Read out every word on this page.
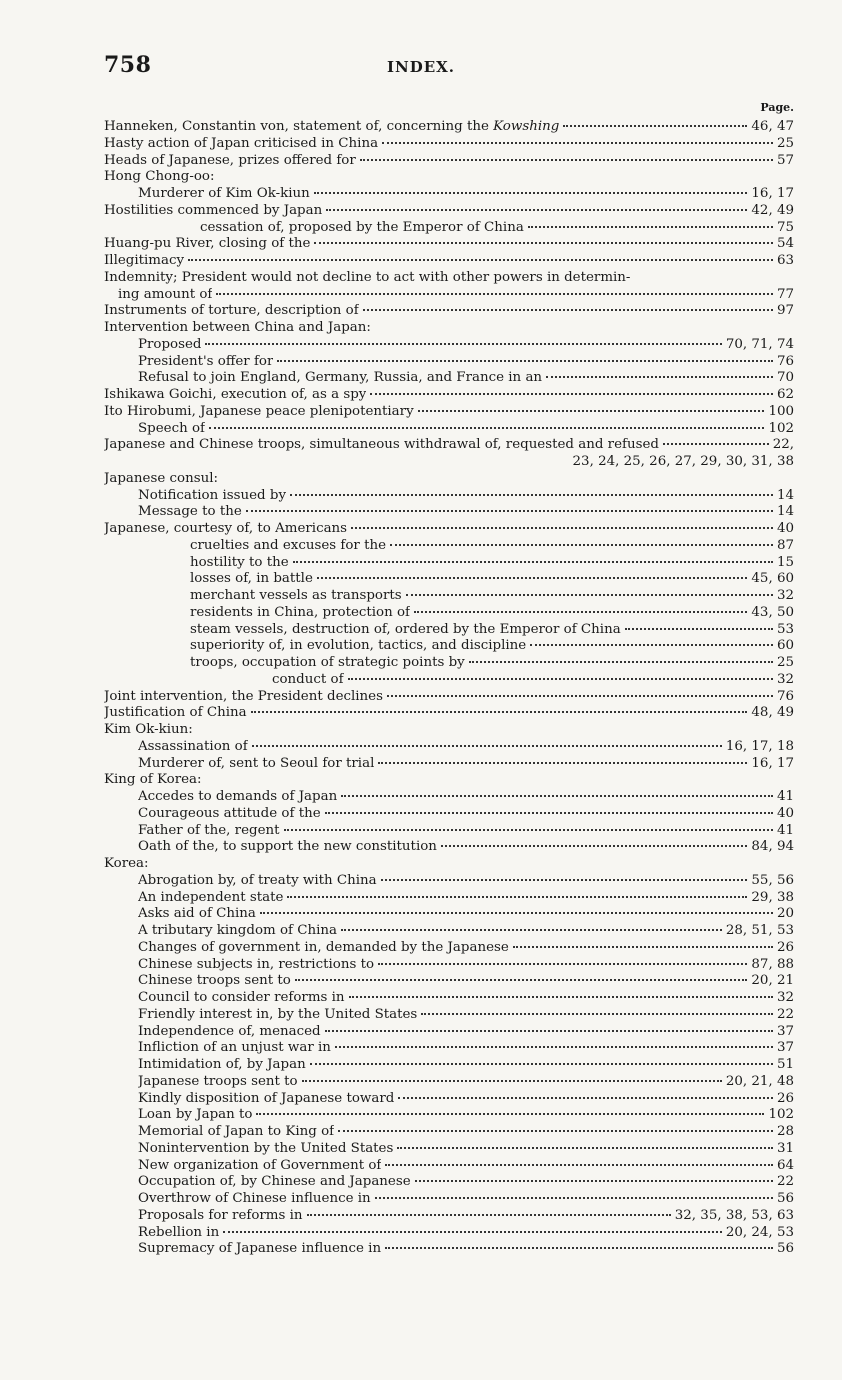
758	INDEX.
Page.
Hanneken, Constantin von, statement of, concerning the Kowshing	46, 47
Hasty action of Japan criticised in China	25
Heads of Japanese, prizes offered for	57
Hong Chong-oo:
Murderer of Kim Ok-kiun	16, 17
Hostilities commenced by Japan	42, 49
cessation of, proposed by the Emperor of China	75
Huang-pu River, closing of the	54
Illegitimacy	63
Indemnity; President would not decline to act with other powers in determin-
ing amount of	77
Instruments of torture, description of	97
Intervention between China and Japan:
Proposed	70, 71, 74
President's offer for	76
Refusal to join England, Germany, Russia, and France in an	70
Ishikawa Goichi, execution of, as a spy	62
Ito Hirobumi, Japanese peace plenipotentiary	100
Speech of	102
Japanese and Chinese troops, simultaneous withdrawal of, requested and refused	22,
23, 24, 25, 26, 27, 29, 30, 31, 38
Japanese consul:
Notification issued by	14
Message to the	14
Japanese, courtesy of, to Americans	40
cruelties and excuses for the	87
hostility to the	15
losses of, in battle	45, 60
merchant vessels as transports	32
residents in China, protection of	43, 50
steam vessels, destruction of, ordered by the Emperor of China	53
superiority of, in evolution, tactics, and discipline	60
troops, occupation of strategic points by	25
conduct of	32
Joint intervention, the President declines	76
Justification of China	48, 49
Kim Ok-kiun:
Assassination of	16, 17, 18
Murderer of, sent to Seoul for trial	16, 17
King of Korea:
Accedes to demands of Japan	41
Courageous attitude of the	40
Father of the, regent	41
Oath of the, to support the new constitution	84, 94
Korea:
Abrogation by, of treaty with China	55, 56
An independent state	29, 38
Asks aid of China	20
A tributary kingdom of China	28, 51, 53
Changes of government in, demanded by the Japanese	26
Chinese subjects in, restrictions to	87, 88
Chinese troops sent to	20, 21
Council to consider reforms in	32
Friendly interest in, by the United States	22
Independence of, menaced	37
Infliction of an unjust war in	37
Intimidation of, by Japan	51
Japanese troops sent to	20, 21, 48
Kindly disposition of Japanese toward	26
Loan by Japan to	102
Memorial of Japan to King of	28
Nonintervention by the United States	31
New organization of Government of	64
Occupation of, by Chinese and Japanese	22
Overthrow of Chinese influence in	56
Proposals for reforms in	32, 35, 38, 53, 63
Rebellion in	20, 24, 53
Supremacy of Japanese influence in	56
